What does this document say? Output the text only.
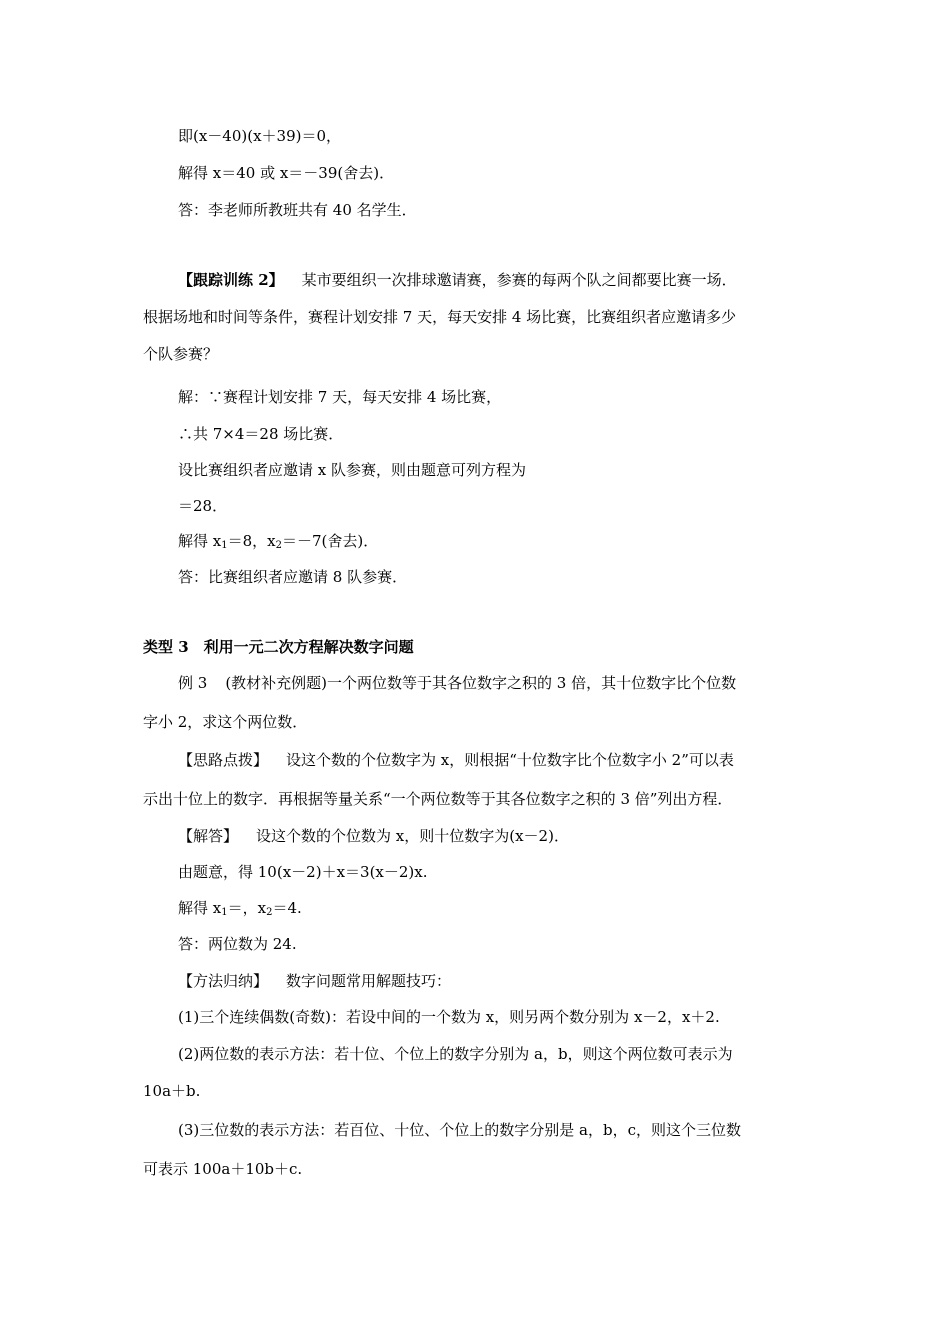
即(x－40)(x＋39)＝0，
解得 x＝40 或 x＝－39(舍去)．
答：李老师所教班共有 40 名学生．
【跟踪训练 2】 某市要组织一次排球邀请赛，参赛的每两个队之间都要比赛一场．
根据场地和时间等条件，赛程计划安排 7 天，每天安排 4 场比赛，比赛组织者应邀请多少
个队参赛？
解：∵赛程计划安排 7 天，每天安排 4 场比赛，
∴共 7×4＝28 场比赛．
设比赛组织者应邀请 x 队参赛，则由题意可列方程为
＝28．
解得 $x_1=8$，$x_2=-7$(舍去)．
答：比赛组织者应邀请 8 队参赛．
类型 3　利用一元二次方程解决数字问题
例 3 (教材补充例题)一个两位数等于其各位数字之积的 3 倍，其十位数字比个位数
字小 2，求这个两位数．
【思路点拨】 设这个数的个位数字为 x，则根据“十位数字比个位数字小 2”可以表
示出十位上的数字．再根据等量关系“一个两位数等于其各位数字之积的 3 倍”列出方程．
【解答】 设这个数的个位数为 x，则十位数字为(x－2)．
由题意，得 10(x－2)＋x＝3(x－2)x.
解得 $x_1=$，$x_2=4$.
答：两位数为 24.
【方法归纳】 数字问题常用解题技巧：
(1)三个连续偶数(奇数)：若设中间的一个数为 x，则另两个数分别为 x－2，x＋2.
(2)两位数的表示方法：若十位、个位上的数字分别为 a，b，则这个两位数可表示为
10a＋b.
(3)三位数的表示方法：若百位、十位、个位上的数字分别是 a，b，c，则这个三位数
可表示 100a＋10b＋c.
